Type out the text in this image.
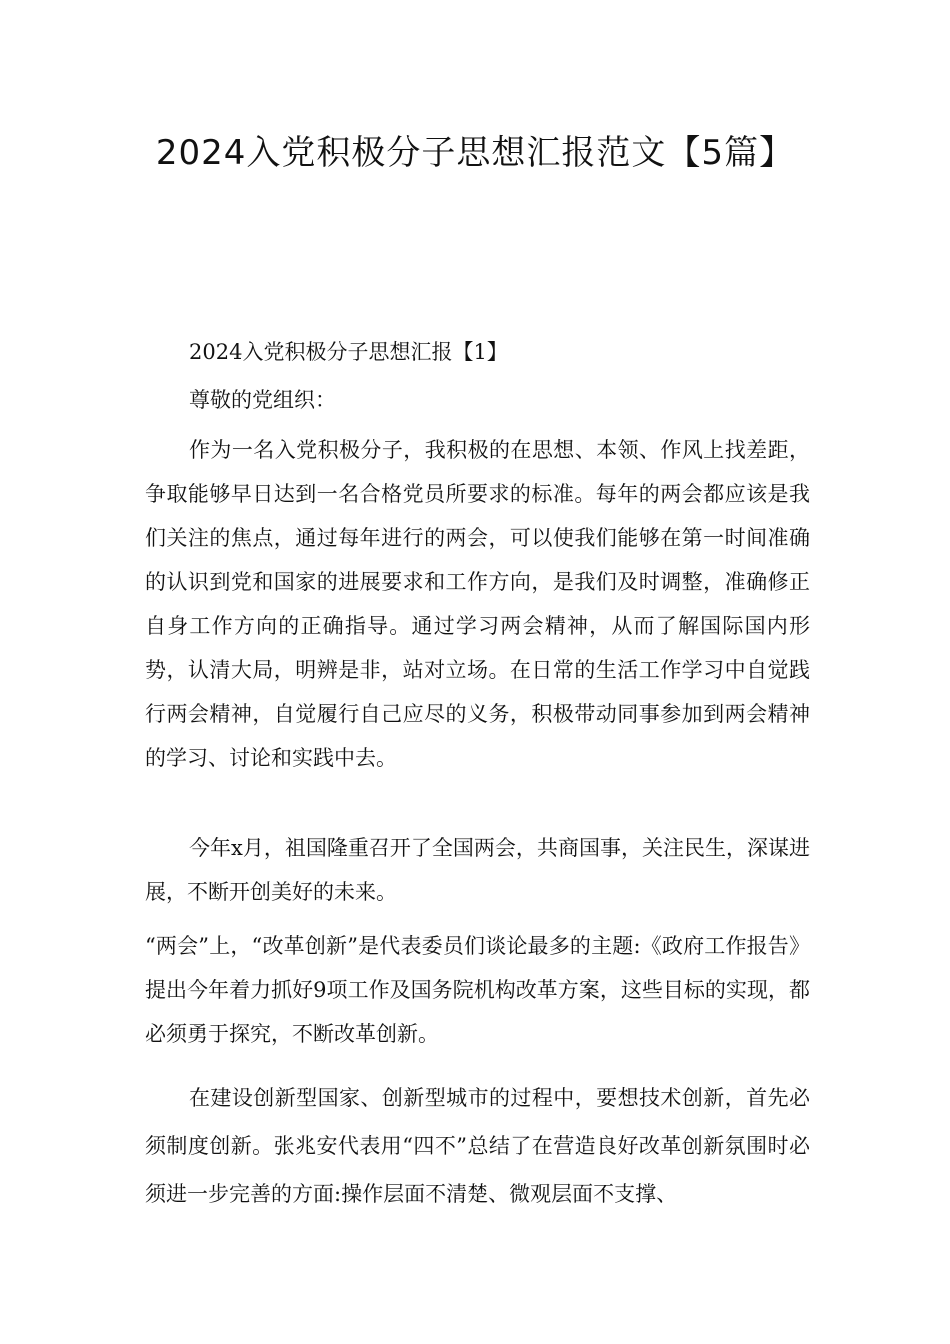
2024入党积极分子思想汇报范文【5篇】

2024入党积极分子思想汇报【1】

尊敬的党组织：

作为一名入党积极分子，我积极的在思想、本领、作风上找差距，争取能够早日达到一名合格党员所要求的标准。每年的两会都应该是我们关注的焦点，通过每年进行的两会，可以使我们能够在第一时间准确的认识到党和国家的进展要求和工作方向，是我们及时调整，准确修正自身工作方向的正确指导。通过学习两会精神，从而了解国际国内形势，认清大局，明辨是非，站对立场。在日常的生活工作学习中自觉践行两会精神，自觉履行自己应尽的义务，积极带动同事参加到两会精神的学习、讨论和实践中去。

今年x月，祖国隆重召开了全国两会，共商国事，关注民生，深谋进展，不断开创美好的未来。

“两会”上，“改革创新”是代表委员们谈论最多的主题:《政府工作报告》提出今年着力抓好9项工作及国务院机构改革方案，这些目标的实现，都必须勇于探究，不断改革创新。

在建设创新型国家、创新型城市的过程中，要想技术创新，首先必须制度创新。张兆安代表用“四不”总结了在营造良好改革创新氛围时必须进一步完善的方面:操作层面不清楚、微观层面不支撑、
